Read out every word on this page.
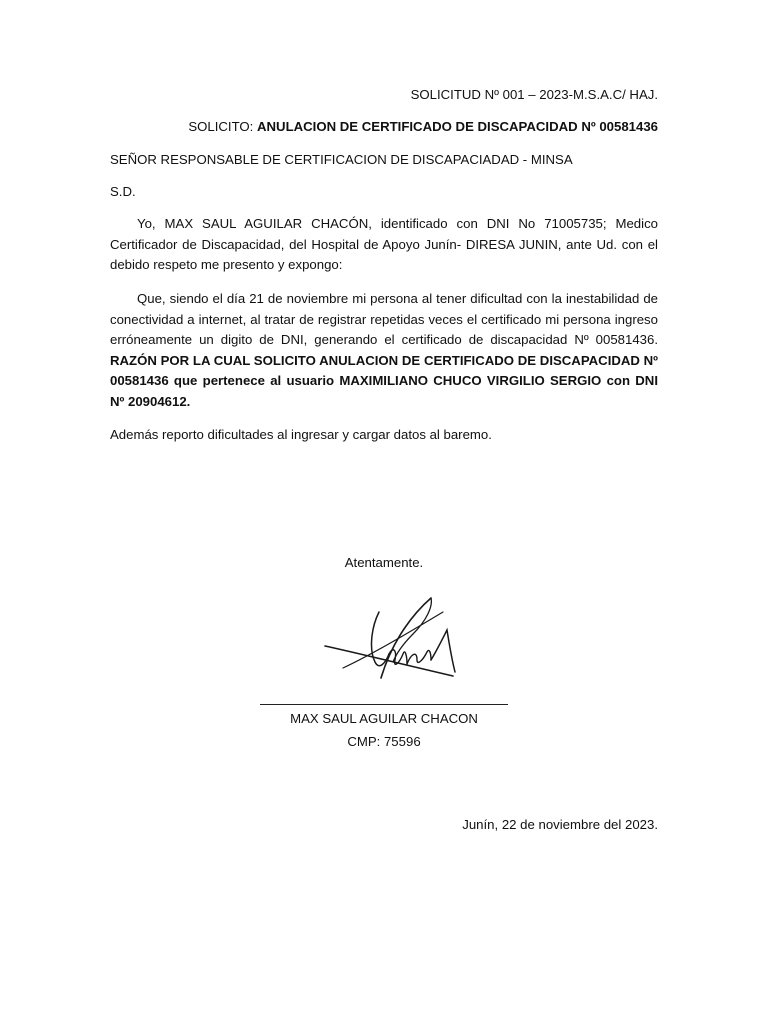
SOLICITUD Nº 001 – 2023-M.S.A.C/ HAJ.

SOLICITO: ANULACION DE CERTIFICADO DE DISCAPACIDAD Nº 00581436

SEÑOR RESPONSABLE DE CERTIFICACION DE DISCAPACIADAD - MINSA

S.D.

Yo, MAX SAUL AGUILAR CHACÓN, identificado con DNI No 71005735; Medico Certificador de Discapacidad, del Hospital de Apoyo Junín- DIRESA JUNIN, ante Ud. con el debido respeto me presento y expongo:

Que, siendo el día 21 de noviembre mi persona al tener dificultad con la inestabilidad de conectividad a internet, al tratar de registrar repetidas veces el certificado mi persona ingreso erróneamente un digito de DNI, generando el certificado de discapacidad Nº 00581436. RAZÓN POR LA CUAL SOLICITO ANULACION DE CERTIFICADO DE DISCAPACIDAD Nº 00581436 que pertenece al usuario MAXIMILIANO CHUCO VIRGILIO SERGIO con DNI Nº 20904612.

Además reporto dificultades al ingresar y cargar datos al baremo.

Atentamente.

MAX SAUL AGUILAR CHACON

CMP: 75596

Junín, 22 de noviembre del 2023.
